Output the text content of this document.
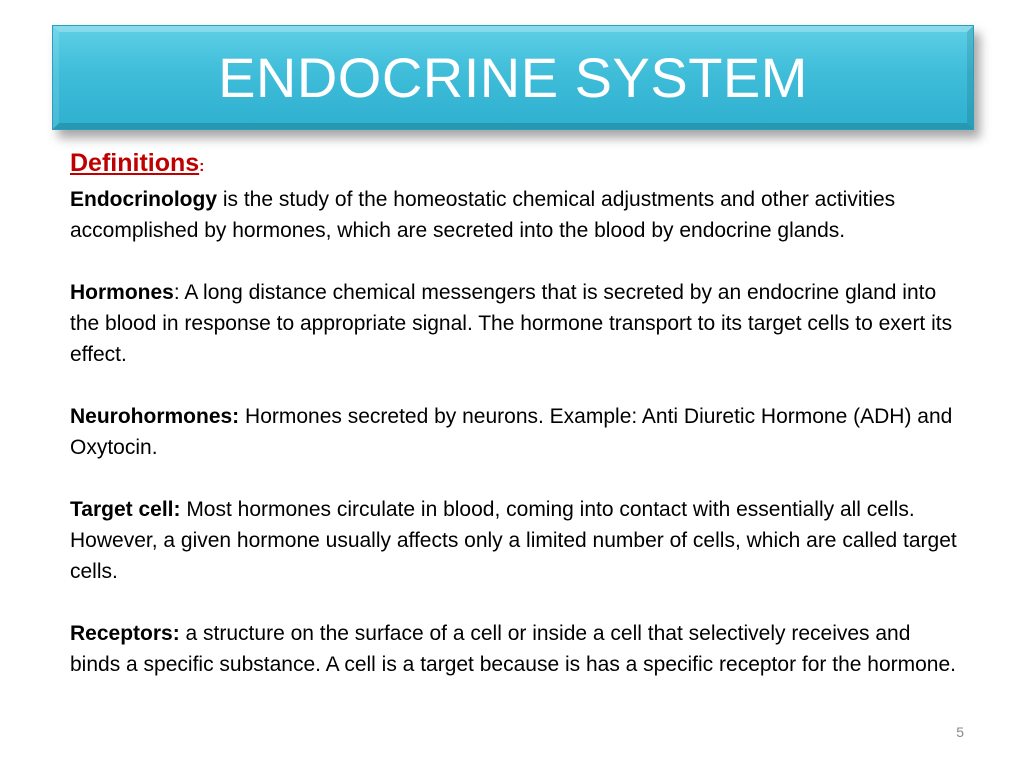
ENDOCRINE SYSTEM
Definitions:

Endocrinology is the study of the homeostatic chemical adjustments and other activities accomplished by hormones, which are secreted into the blood by endocrine glands.

Hormones: A long distance chemical messengers that is secreted by an endocrine gland into the blood in response to appropriate signal. The hormone transport to its target cells to exert its effect.

Neurohormones: Hormones secreted by neurons. Example: Anti Diuretic Hormone (ADH) and Oxytocin.

Target cell: Most hormones circulate in blood, coming into contact with essentially all cells. However, a given hormone usually affects only a limited number of cells, which are called target cells.

Receptors: a structure on the surface of a cell or inside a cell that selectively receives and binds a specific substance. A cell is a target because is has a specific receptor for the hormone.

5
